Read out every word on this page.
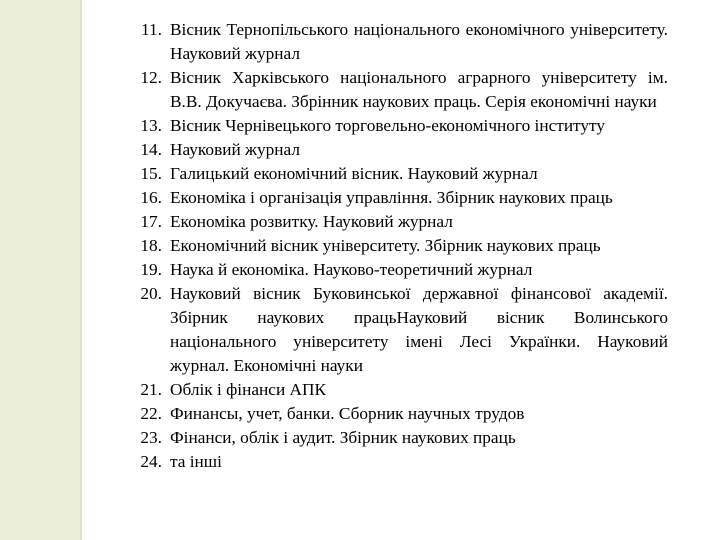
11. Вісник Тернопільського національного економічного університету. Науковий журнал
12. Вісник Харківського національного аграрного університету ім. В.В. Докучаєва. Збрінник наукових праць. Серія економічні науки
13. Вісник Чернівецького торговельно-економічного інституту
14. Науковий журнал
15. Галицький економічний вісник. Науковий журнал
16. Економіка і організація управління. Збірник наукових праць
17. Економіка розвитку. Науковий журнал
18. Економічний вісник університету. Збірник наукових праць
19. Наука й економіка. Науково-теоретичний журнал
20. Науковий вісник Буковинської державної фінансової академії. Збірник наукових працьНауковий вісник Волинського національного університету імені Лесі Українки. Науковий журнал. Економічні науки
21. Облік і фінанси АПК
22. Финансы, учет, банки. Сборник научных трудов
23. Фінанси, облік і аудит. Збірник наукових праць
24. та інші
